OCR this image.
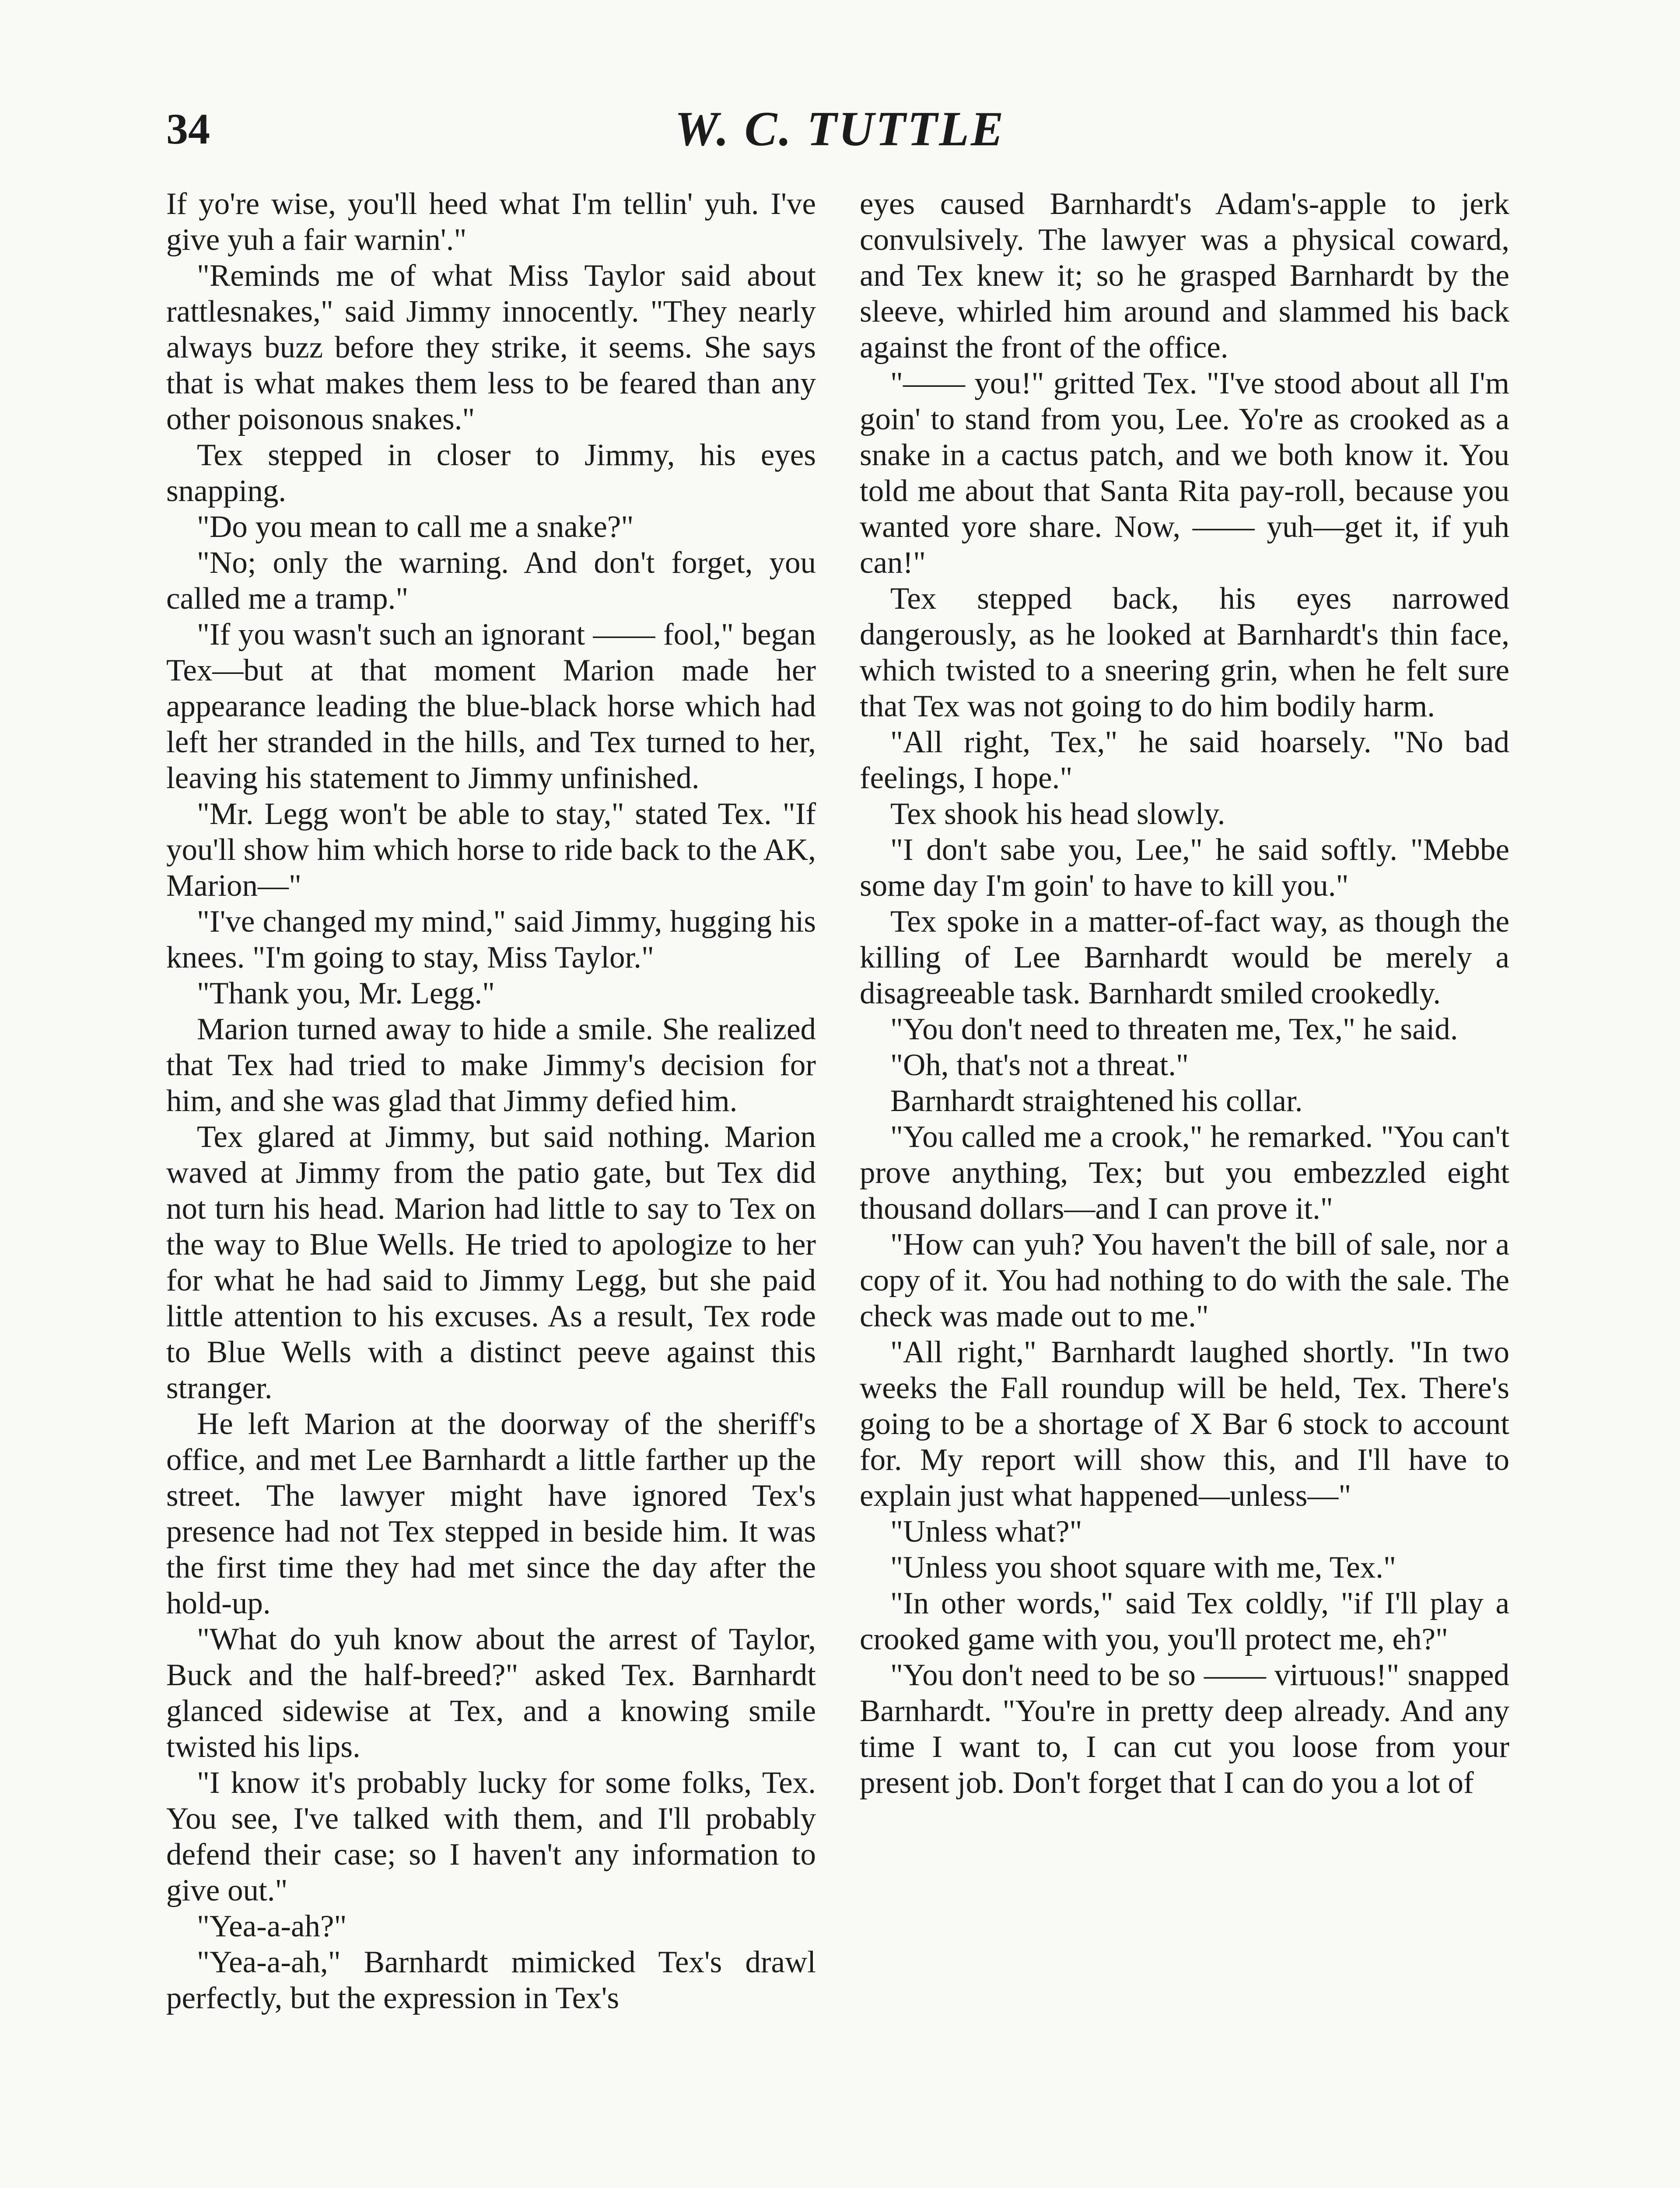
34	W. C. TUTTLE

If yo're wise, you'll heed what I'm tellin' yuh. I've give yuh a fair warnin'."

"Reminds me of what Miss Taylor said about rattlesnakes," said Jimmy innocently. "They nearly always buzz before they strike, it seems. She says that is what makes them less to be feared than any other poisonous snakes."

Tex stepped in closer to Jimmy, his eyes snapping.

"Do you mean to call me a snake?"

"No; only the warning. And don't forget, you called me a tramp."

"If you wasn't such an ignorant —— fool," began Tex—but at that moment Marion made her appearance leading the blue-black horse which had left her stranded in the hills, and Tex turned to her, leaving his statement to Jimmy unfinished.

"Mr. Legg won't be able to stay," stated Tex. "If you'll show him which horse to ride back to the AK, Marion—"

"I've changed my mind," said Jimmy, hugging his knees. "I'm going to stay, Miss Taylor."

"Thank you, Mr. Legg."

Marion turned away to hide a smile. She realized that Tex had tried to make Jimmy's decision for him, and she was glad that Jimmy defied him.

Tex glared at Jimmy, but said nothing. Marion waved at Jimmy from the patio gate, but Tex did not turn his head. Marion had little to say to Tex on the way to Blue Wells. He tried to apologize to her for what he had said to Jimmy Legg, but she paid little attention to his excuses. As a result, Tex rode to Blue Wells with a distinct peeve against this stranger.

He left Marion at the doorway of the sheriff's office, and met Lee Barnhardt a little farther up the street. The lawyer might have ignored Tex's presence had not Tex stepped in beside him. It was the first time they had met since the day after the hold-up.

"What do yuh know about the arrest of Taylor, Buck and the half-breed?" asked Tex. Barnhardt glanced sidewise at Tex, and a knowing smile twisted his lips.

"I know it's probably lucky for some folks, Tex. You see, I've talked with them, and I'll probably defend their case; so I haven't any information to give out."

"Yea-a-ah?"

"Yea-a-ah," Barnhardt mimicked Tex's drawl perfectly, but the expression in Tex's

eyes caused Barnhardt's Adam's-apple to jerk convulsively. The lawyer was a physical coward, and Tex knew it; so he grasped Barnhardt by the sleeve, whirled him around and slammed his back against the front of the office.

"—— you!" gritted Tex. "I've stood about all I'm goin' to stand from you, Lee. Yo're as crooked as a snake in a cactus patch, and we both know it. You told me about that Santa Rita pay-roll, because you wanted yore share. Now, —— yuh—get it, if yuh can!"

Tex stepped back, his eyes narrowed dangerously, as he looked at Barnhardt's thin face, which twisted to a sneering grin, when he felt sure that Tex was not going to do him bodily harm.

"All right, Tex," he said hoarsely. "No bad feelings, I hope."

Tex shook his head slowly.

"I don't sabe you, Lee," he said softly. "Mebbe some day I'm goin' to have to kill you."

Tex spoke in a matter-of-fact way, as though the killing of Lee Barnhardt would be merely a disagreeable task. Barnhardt smiled crookedly.

"You don't need to threaten me, Tex," he said.

"Oh, that's not a threat."

Barnhardt straightened his collar.

"You called me a crook," he remarked. "You can't prove anything, Tex; but you embezzled eight thousand dollars—and I can prove it."

"How can yuh? You haven't the bill of sale, nor a copy of it. You had nothing to do with the sale. The check was made out to me."

"All right," Barnhardt laughed shortly. "In two weeks the Fall roundup will be held, Tex. There's going to be a shortage of X Bar 6 stock to account for. My report will show this, and I'll have to explain just what happened—unless—"

"Unless what?"

"Unless you shoot square with me, Tex."

"In other words," said Tex coldly, "if I'll play a crooked game with you, you'll protect me, eh?"

"You don't need to be so —— virtuous!" snapped Barnhardt. "You're in pretty deep already. And any time I want to, I can cut you loose from your present job. Don't forget that I can do you a lot of
